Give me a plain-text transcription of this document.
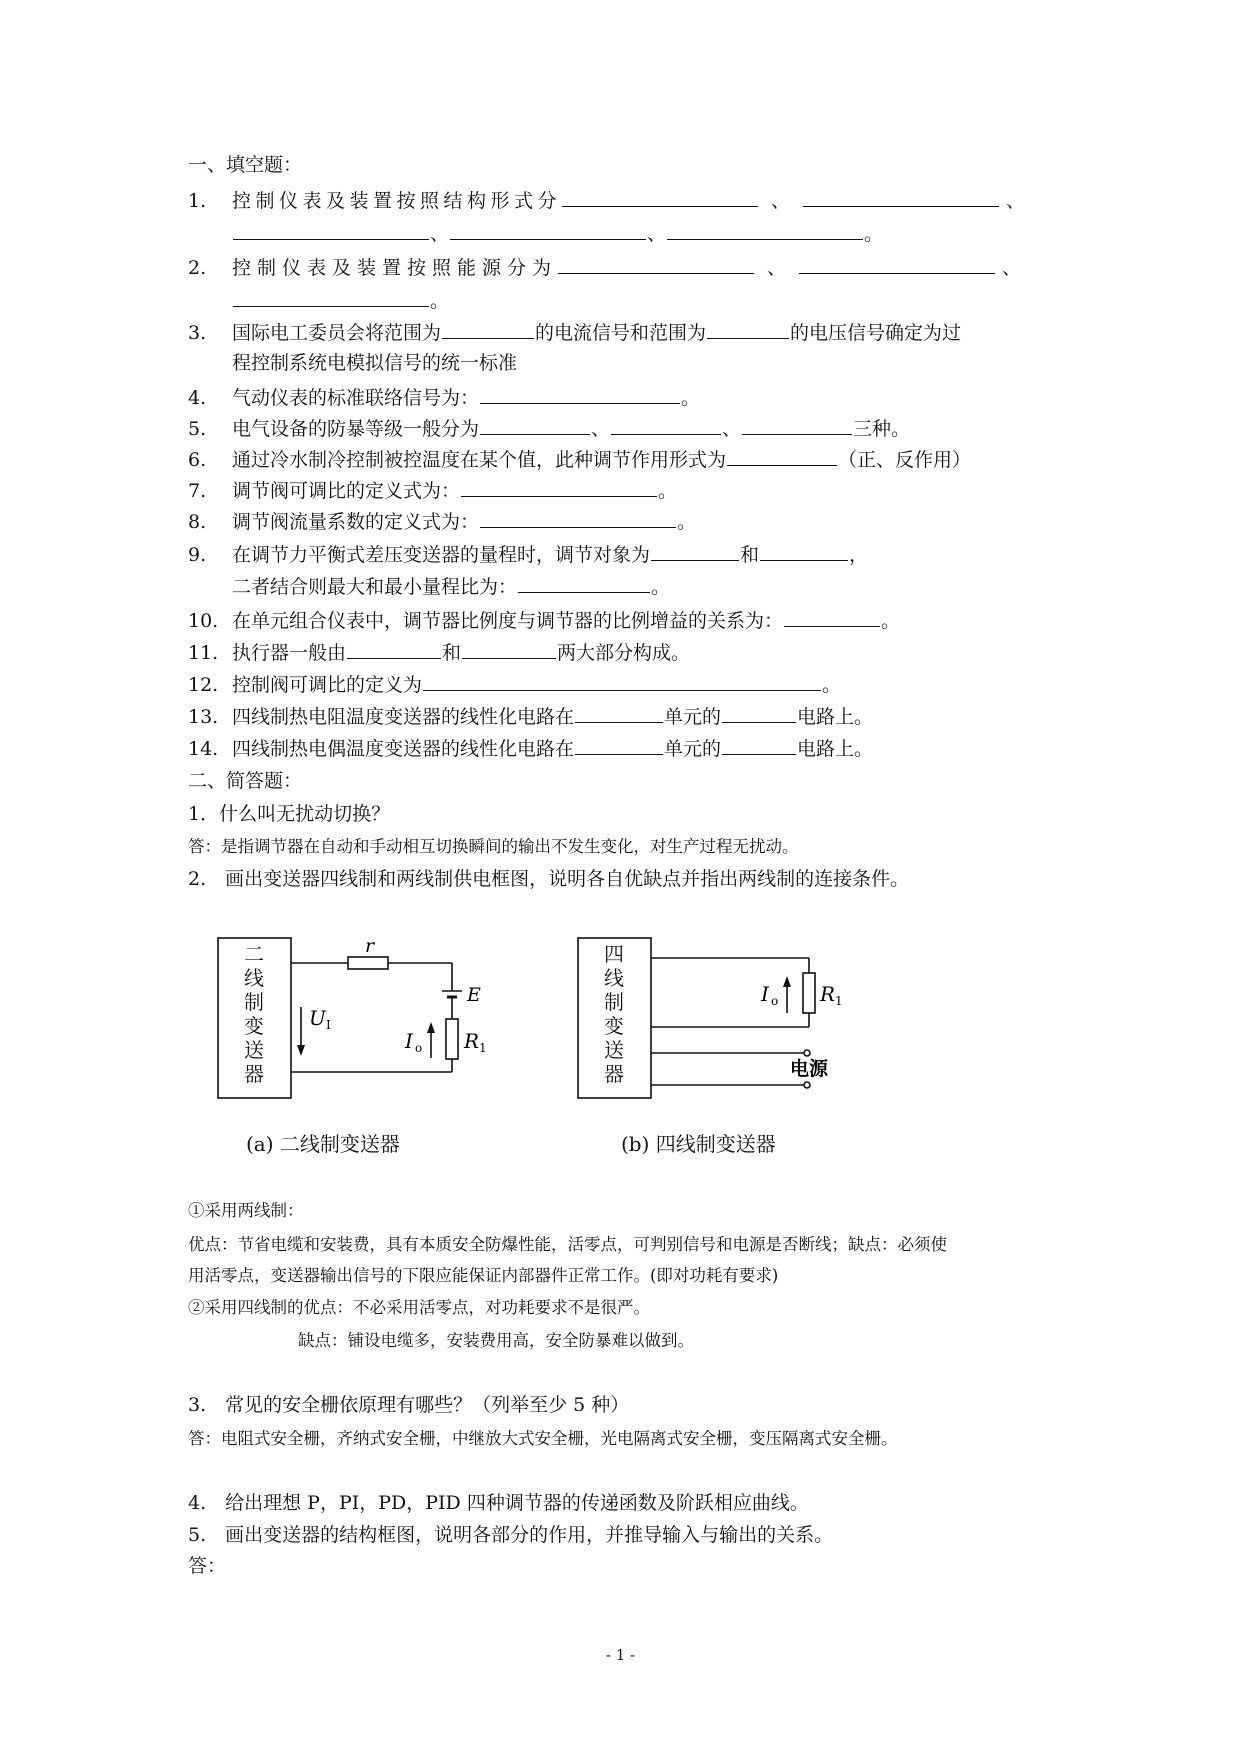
一、填空题：
1. 控制仪表及装置按照结构形式分	、	、
、	、	。
2. 控制仪表及装置按照能源分为	、	、
。
3. 国际电工委员会将范围为	的电流信号和范围为	的电压信号确定为过
程控制系统电模拟信号的统一标准
4. 气动仪表的标准联络信号为：	。
5. 电气设备的防暴等级一般分为	、	、	三种。
6. 通过冷水制冷控制被控温度在某个值，此种调节作用形式为	（正、反作用）
7. 调节阀可调比的定义式为：	。
8. 调节阀流量系数的定义式为：	。
9. 在调节力平衡式差压变送器的量程时，调节对象为	和	，
二者结合则最大和最小量程比为：	。
10. 在单元组合仪表中，调节器比例度与调节器的比例增益的关系为：	。
11. 执行器一般由	和	两大部分构成。
12. 控制阀可调比的定义为	。
13. 四线制热电阻温度变送器的线性化电路在	单元的	电路上。
14. 四线制热电偶温度变送器的线性化电路在	单元的	电路上。
二、简答题：
1．什么叫无扰动切换？
答：是指调节器在自动和手动相互切换瞬间的输出不发生变化，对生产过程无扰动。
2.　画出变送器四线制和两线制供电框图，说明各自优缺点并指出两线制的连接条件。
二
线
制
变
送
器
r
E
U I
I o R 1
四
线
制
变
送
器
I o R 1
电源
(a) 二线制变送器	(b) 四线制变送器
①采用两线制：
优点：节省电缆和安装费，具有本质安全防爆性能，活零点，可判别信号和电源是否断线；缺点：必须使
用活零点，变送器输出信号的下限应能保证内部器件正常工作。(即对功耗有要求)
②采用四线制的优点：不必采用活零点，对功耗要求不是很严。
缺点：铺设电缆多，安装费用高，安全防暴难以做到。
3.　常见的安全栅依原理有哪些？（列举至少 5 种）
答：电阻式安全栅，齐纳式安全栅，中继放大式安全栅，光电隔离式安全栅，变压隔离式安全栅。
4.　给出理想 P，PI，PD，PID 四种调节器的传递函数及阶跃相应曲线。
5.　画出变送器的结构框图，说明各部分的作用，并推导输入与输出的关系。
答：
- 1 -
